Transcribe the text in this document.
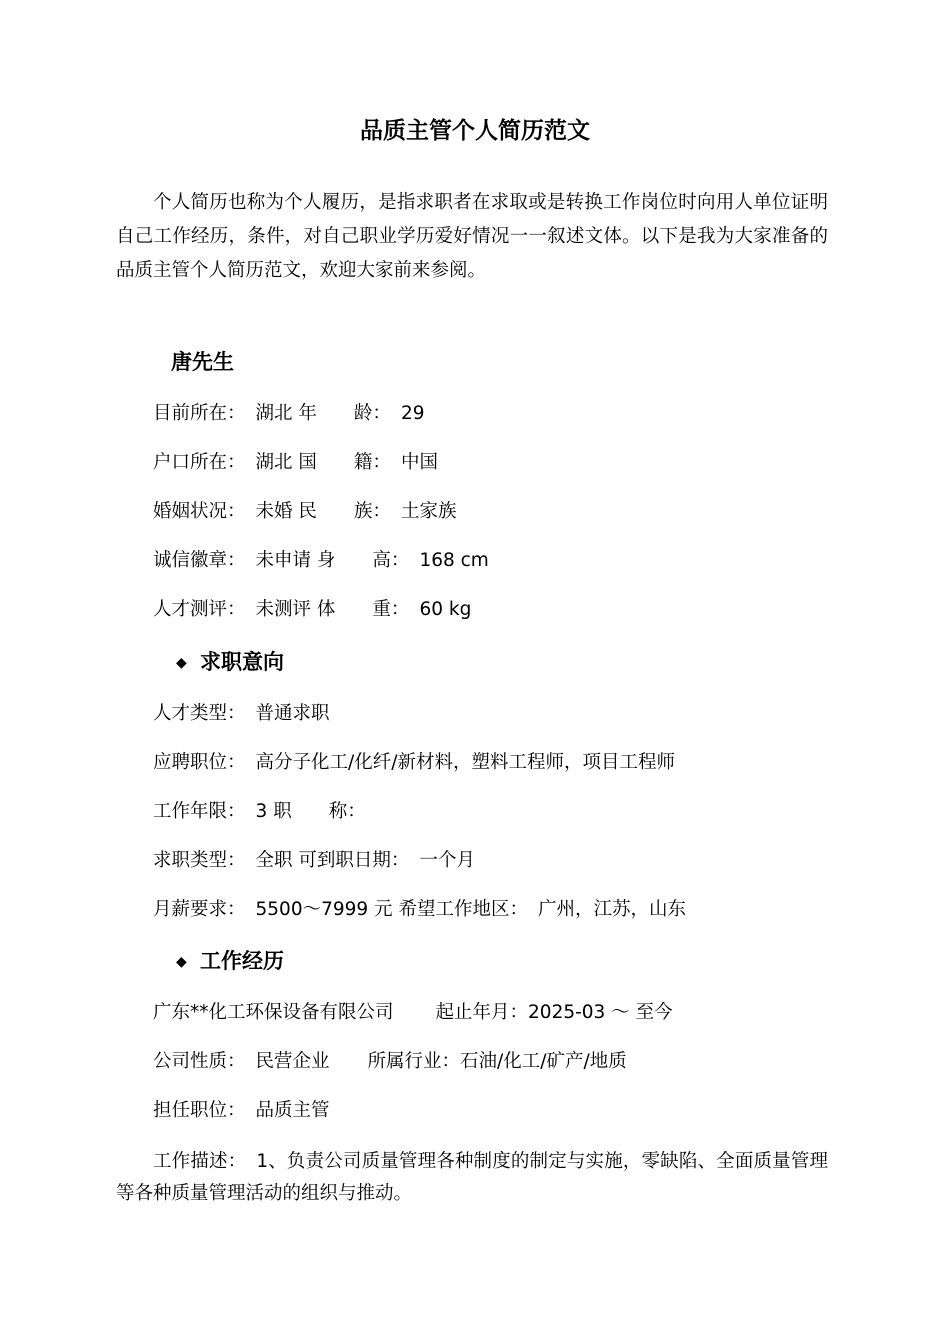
品质主管个人简历范文
个人简历也称为个人履历，是指求职者在求取或是转换工作岗位时向用人单位证明自己工作经历，条件，对自己职业学历爱好情况一一叙述文体。以下是我为大家准备的品质主管个人简历范文，欢迎大家前来参阅。
唐先生
目前所在： 湖北 年　　龄： 29
户口所在： 湖北 国　　籍： 中国
婚姻状况： 未婚 民　　族： 土家族
诚信徽章： 未申请 身　　高： 168 cm
人才测评： 未测评 体　　重： 60 kg
◆ 求职意向
人才类型： 普通求职
应聘职位： 高分子化工/化纤/新材料，塑料工程师，项目工程师
工作年限： 3 职　　称：
求职类型： 全职 可到职日期： 一个月
月薪要求： 5500～7999 元 希望工作地区： 广州，江苏，山东
◆ 工作经历
广东**化工环保设备有限公司 起止年月：2025-03 ～ 至今
公司性质： 民营企业 所属行业：石油/化工/矿产/地质
担任职位： 品质主管
工作描述： 1、负责公司质量管理各种制度的制定与实施，零缺陷、全面质量管理等各种质量管理活动的组织与推动。
